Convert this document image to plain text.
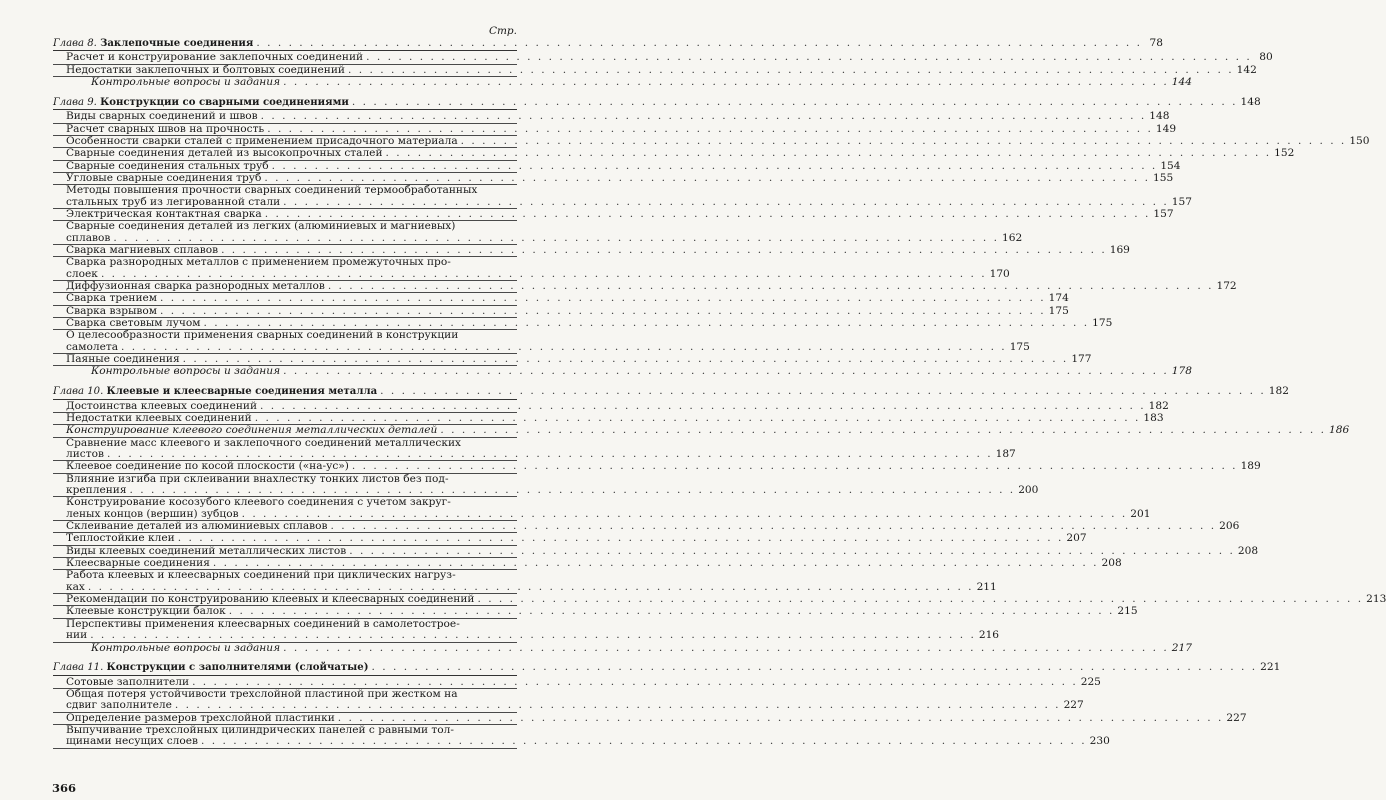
Стр.
Глава 8. Заклепочные соединения . . .	78
Расчет и конструирование заклепочных соединений . . .	80
Недостатки заклепочных и болтовых соединений . . .	142
Контрольные вопросы и задания . . .	144
Глава 9. Конструкции со сварными соединениями . . .	148
Виды сварных соединений и швов . . .	148
Расчет сварных швов на прочность . . .	149
Особенности сварки сталей с применением присадочного материала . . .	150
Сварные соединения деталей из высокопрочных сталей . . .	152
Сварные соединения стальных труб . . .	154
Угловые сварные соединения труб . . .	155
Методы повышения прочности сварных соединений термообработанных
стальных труб из легированной стали . . .	157
Электрическая контактная сварка . . .	157
Сварные соединения деталей из легких (алюминиевых и магниевых)
сплавов . . .	162
Сварка магниевых сплавов . . .	169
Сварка разнородных металлов с применением промежуточных про-
слоек . . .	170
Диффузионная сварка разнородных металлов . . .	172
Сварка трением . . .	174
Сварка взрывом . . .	175
Сварка световым лучом . . .	175
О целесообразности применения сварных соединений в конструкции
самолета . . .	175
Паяные соединения . . .	177
Контрольные вопросы и задания . . .	178
Глава 10. Клеевые и клеесварные соединения металла . . .	182
Достоинства клеевых соединений . . .	182
Недостатки клеевых соединений . . .	183
Конструирование клеевого соединения металлических деталей . . .	186
Сравнение масс клеевого и заклепочного соединений металлических
листов . . .	187
Клеевое соединение по косой плоскости («на-ус») . . .	189
Влияние изгиба при склеивании внахлестку тонких листов без под-
крепления . . .	200
Конструирование косозубого клеевого соединения с учетом закруг-
леных концов (вершин) зубцов . . .	201
Склеивание деталей из алюминиевых сплавов . . .	206
Теплостойкие клеи . . .	207
Виды клеевых соединений металлических листов . . .	208
Клеесварные соединения . . .	208
Работа клеевых и клеесварных соединений при циклических нагруз-
ках . . .	211
Рекомендации по конструированию клеевых и клеесварных соединений . . .	213
Клеевые конструкции балок . . .	215
Перспективы применения клеесварных соединений в самолетострое-
нии . . .	216
Контрольные вопросы и задания . . .	217
Глава 11. Конструкции с заполнителями (слойчатые) . . .	221
Сотовые заполнители . . .	225
Общая потеря устойчивости трехслойной пластиной при жестком на
сдвиг заполнителе . . .	227
Определение размеров трехслойной пластинки . . .	227
Выпучивание трехслойных цилиндрических панелей с равными тол-
щинами несущих слоев . . .	230
366
